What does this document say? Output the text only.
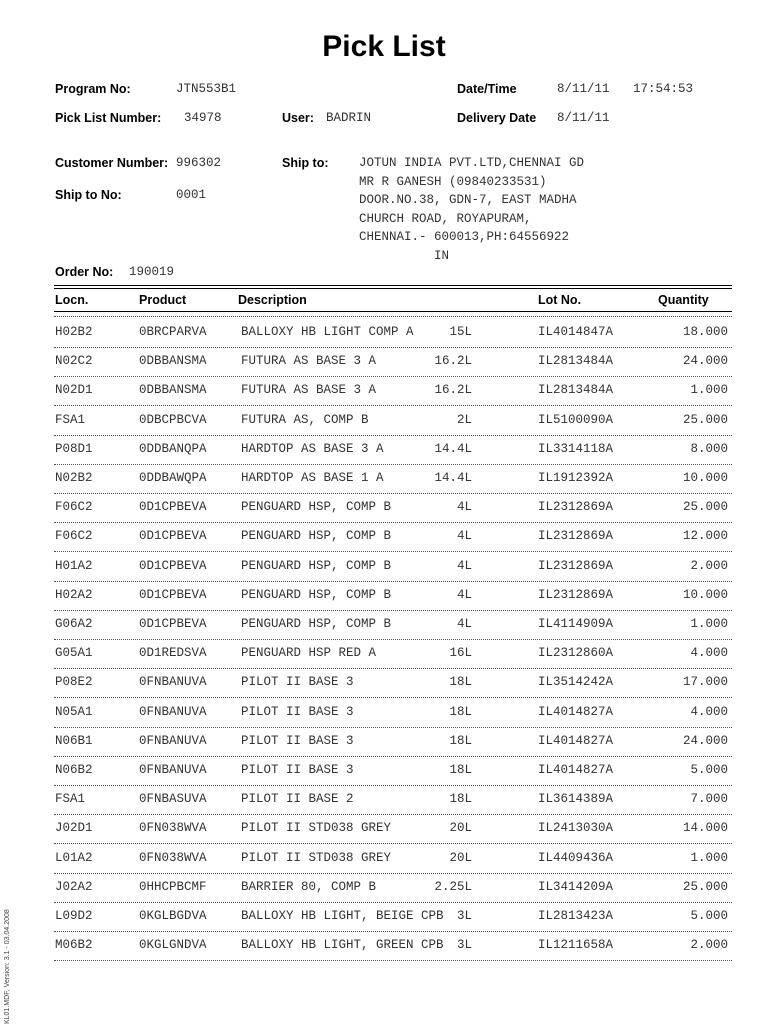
Pick List
Program No:	JTN553B1	Date/Time	8/11/11 17:54:53
Pick List Number: 34978	User: BADRIN	Delivery Date 8/11/11
Customer Number: 996302	Ship to: JOTUN INDIA PVT.LTD,CHENNAI GD
MR R GANESH (09840233531)
DOOR.NO.38, GDN-7, EAST MADHA
CHURCH ROAD, ROYAPURAM,
CHENNAI.- 600013,PH:64556922
IN
Ship to No:	0001
Order No: 190019
Locn.	Product	Description	Lot No.	Quantity
H02B2	0BRCPARVA	BALLOXY HB LIGHT COMP A	15L	IL4014847A	18.000
N02C2	0DBBANSMA	FUTURA AS BASE 3 A	16.2L	IL2813484A	24.000
N02D1	0DBBANSMA	FUTURA AS BASE 3 A	16.2L	IL2813484A	1.000
FSA1	0DBCPBCVA	FUTURA AS, COMP B	2L	IL5100090A	25.000
P08D1	0DDBANQPA	HARDTOP AS BASE 3 A	14.4L	IL3314118A	8.000
N02B2	0DDBAWQPA	HARDTOP AS BASE 1 A	14.4L	IL1912392A	10.000
F06C2	0D1CPBEVA	PENGUARD HSP, COMP B	4L	IL2312869A	25.000
F06C2	0D1CPBEVA	PENGUARD HSP, COMP B	4L	IL2312869A	12.000
H01A2	0D1CPBEVA	PENGUARD HSP, COMP B	4L	IL2312869A	2.000
H02A2	0D1CPBEVA	PENGUARD HSP, COMP B	4L	IL2312869A	10.000
G06A2	0D1CPBEVA	PENGUARD HSP, COMP B	4L	IL4114909A	1.000
G05A1	0D1REDSVA	PENGUARD HSP RED A	16L	IL2312860A	4.000
P08E2	0FNBANUVA	PILOT II BASE 3	18L	IL3514242A	17.000
N05A1	0FNBANUVA	PILOT II BASE 3	18L	IL4014827A	4.000
N06B1	0FNBANUVA	PILOT II BASE 3	18L	IL4014827A	24.000
N06B2	0FNBANUVA	PILOT II BASE 3	18L	IL4014827A	5.000
FSA1	0FNBASUVA	PILOT II BASE 2	18L	IL3614389A	7.000
J02D1	0FN038WVA	PILOT II STD038 GREY	20L	IL2413030A	14.000
L01A2	0FN038WVA	PILOT II STD038 GREY	20L	IL4409436A	1.000
J02A2	0HHCPBCMF	BARRIER 80, COMP B	2.25L	IL3414209A	25.000
L09D2	0KGLBGDVA	BALLOXY HB LIGHT, BEIGE CPB 3L	IL2813423A	5.000
M06B2	0KGLGNDVA	BALLOXY HB LIGHT, GREEN CPB 3L	IL1211658A	2.000
KL01.MDF, Version: 3.1 - 03.04.2008
